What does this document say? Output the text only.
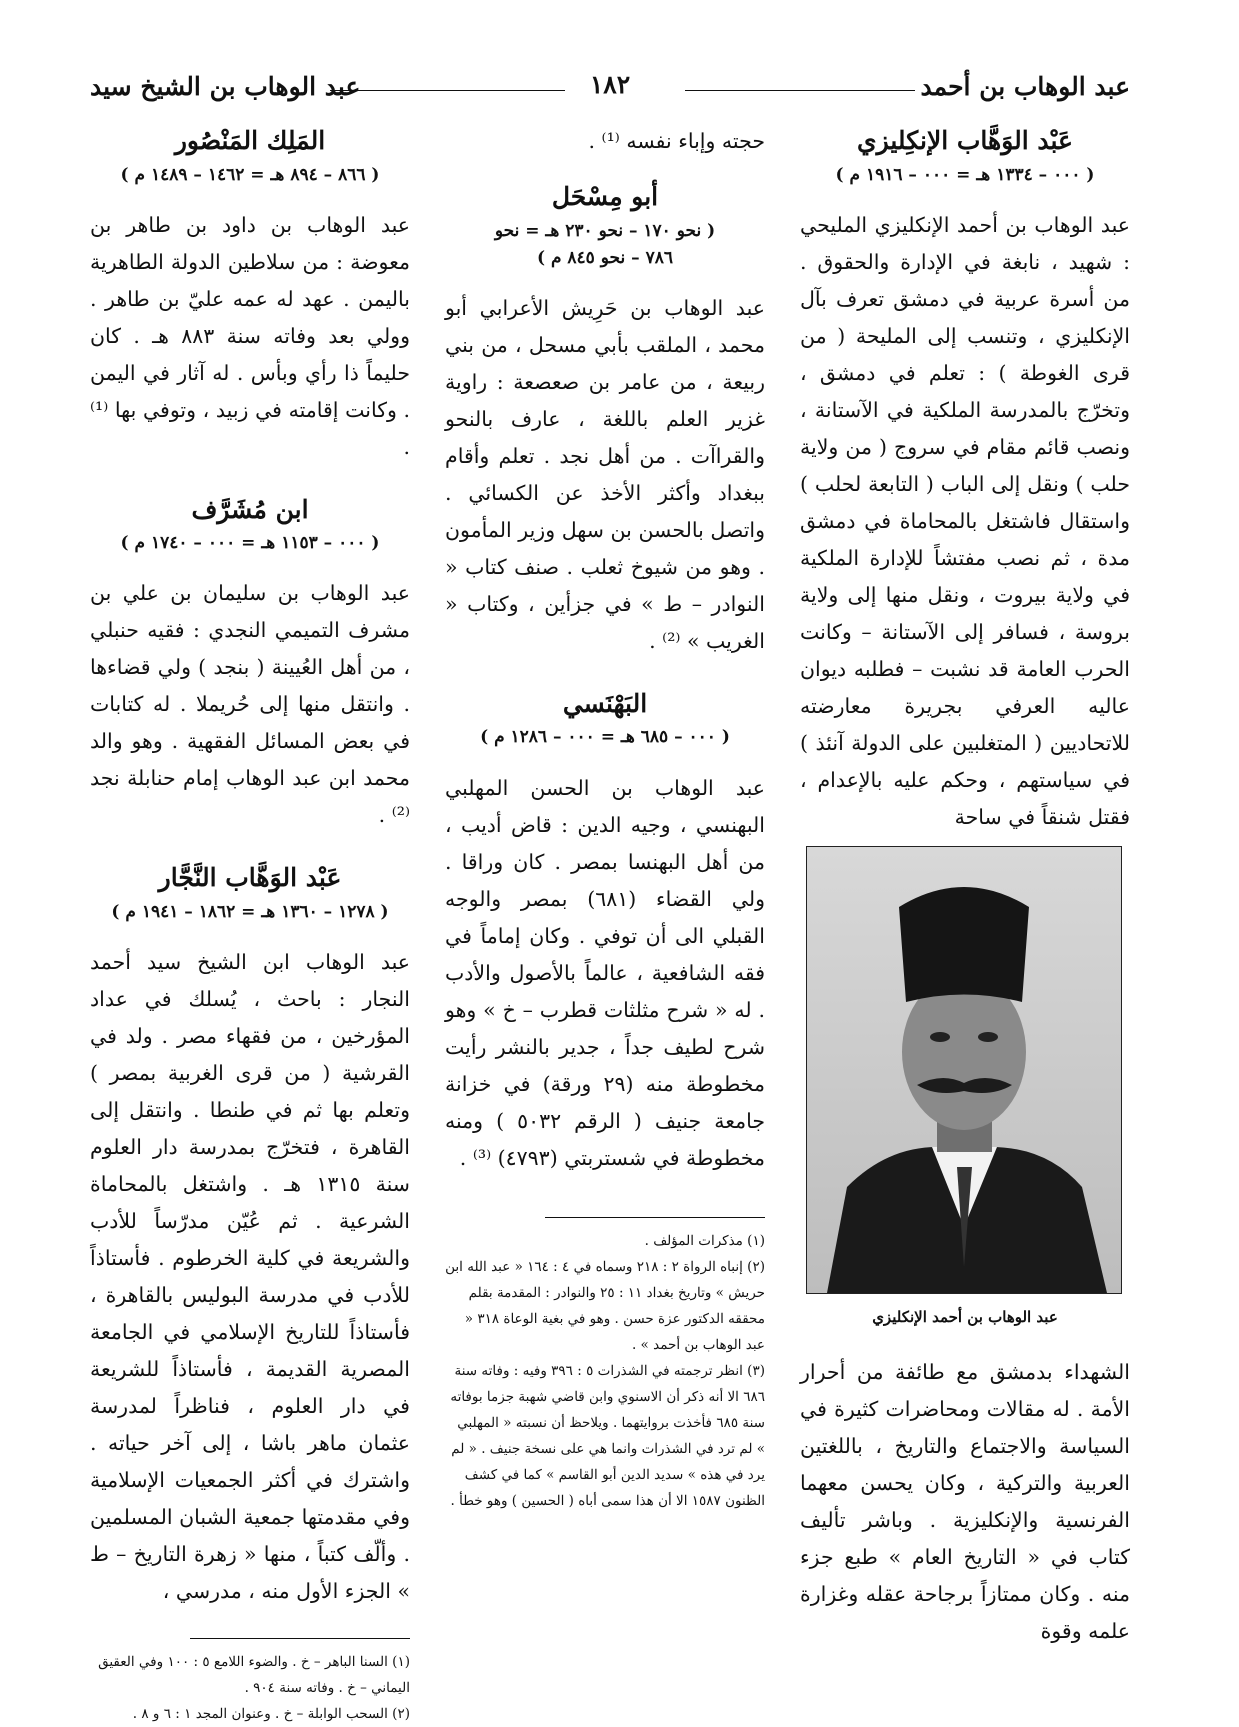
عبد الوهاب بن أحمد
١٨٢
عبد الوهاب بن الشيخ سيد
عَبْد الوَهَّاب الإنكِليزي

( ٠٠٠ – ١٣٣٤ هـ = ٠٠٠ – ١٩١٦ م )

عبد الوهاب بن أحمد الإنكليزي المليحي : شهيد ، نابغة في الإدارة والحقوق . من أسرة عربية في دمشق تعرف بآل الإنكليزي ، وتنسب إلى المليحة ( من قرى الغوطة ) : تعلم في دمشق ، وتخرّج بالمدرسة الملكية في الآستانة ، ونصب قائم مقام في سروج ( من ولاية حلب ) ونقل إلى الباب ( التابعة لحلب ) واستقال فاشتغل بالمحاماة في دمشق مدة ، ثم نصب مفتشاً للإدارة الملكية في ولاية بيروت ، ونقل منها إلى ولاية بروسة ، فسافر إلى الآستانة – وكانت الحرب العامة قد نشبت – فطلبه ديوان عاليه العرفي بجريرة معارضته للاتحاديين ( المتغلبين على الدولة آنئذ ) في سياستهم ، وحكم عليه بالإعدام ، فقتل شنقاً في ساحة

عبد الوهاب بن أحمد الإنكليزي

الشهداء بدمشق مع طائفة من أحرار الأمة . له مقالات ومحاضرات كثيرة في السياسة والاجتماع والتاريخ ، باللغتين العربية والتركية ، وكان يحسن معهما الفرنسية والإنكليزية . وباشر تأليف كتاب في « التاريخ العام » طبع جزء منه . وكان ممتازاً برجاحة عقله وغزارة علمه وقوة

حجته وإباء نفسه ⁽¹⁾ .

أبو مِسْحَل

( نحو ١٧٠ – نحو ٢٣٠ هـ = نحو

٧٨٦ – نحو ٨٤٥ م )

عبد الوهاب بن حَرِيش الأعرابي أبو محمد ، الملقب بأبي مسحل ، من بني ربيعة ، من عامر بن صعصعة : راوية غزير العلم باللغة ، عارف بالنحو والقراآت . من أهل نجد . تعلم وأقام ببغداد وأكثر الأخذ عن الكسائي . واتصل بالحسن بن سهل وزير المأمون . وهو من شيوخ ثعلب . صنف كتاب « النوادر – ط » في جزأين ، وكتاب « الغريب » ⁽²⁾ .

البَهْنَسي

( ٠٠٠ – ٦٨٥ هـ = ٠٠٠ – ١٢٨٦ م )

عبد الوهاب بن الحسن المهلبي البهنسي ، وجيه الدين : قاض أديب ، من أهل البهنسا بمصر . كان وراقا . ولي القضاء (٦٨١) بمصر والوجه القبلي الى أن توفي . وكان إماماً في فقه الشافعية ، عالماً بالأصول والأدب . له « شرح مثلثات قطرب – خ » وهو شرح لطيف جداً ، جدير بالنشر رأيت مخطوطة منه (٢٩ ورقة) في خزانة جامعة جنيف ( الرقم ٥٠٣٢ ) ومنه مخطوطة في شستربتي (٤٧٩٣) ⁽³⁾ .

(١) مذكرات المؤلف .

(٢) إنباه الرواة ٢ : ٢١٨ وسماه في ٤ : ١٦٤ « عبد الله ابن حريش » وتاريخ بغداد ١١ : ٢٥ والنوادر : المقدمة بقلم محققه الدكتور عزة حسن . وهو في بغية الوعاة ٣١٨ « عبد الوهاب بن أحمد » .

(٣) انظر ترجمته في الشذرات ٥ : ٣٩٦ وفيه : وفاته سنة ٦٨٦ الا أنه ذكر أن الاسنوي وابن قاضي شهبة جزما بوفاته سنة ٦٨٥ فأخذت بروايتهما . ويلاحظ أن نسبته « المهلبي » لم ترد في الشذرات وانما هي على نسخة جنيف . « لم يرد في هذه » سديد الدين أبو القاسم » كما في كشف الظنون ١٥٨٧ الا أن هذا سمى أباه ( الحسين ) وهو خطأ .

المَلِك المَنْصُور

( ٨٦٦ – ٨٩٤ هـ = ١٤٦٢ – ١٤٨٩ م )

عبد الوهاب بن داود بن طاهر بن معوضة : من سلاطين الدولة الطاهرية باليمن . عهد له عمه عليّ بن طاهر . وولي بعد وفاته سنة ٨٨٣ هـ . كان حليماً ذا رأي وبأس . له آثار في اليمن . وكانت إقامته في زبيد ، وتوفي بها ⁽¹⁾ .

ابن مُشَرَّف

( ٠٠٠ – ١١٥٣ هـ = ٠٠٠ – ١٧٤٠ م )

عبد الوهاب بن سليمان بن علي بن مشرف التميمي النجدي : فقيه حنبلي ، من أهل العُيينة ( بنجد ) ولي قضاءها . وانتقل منها إلى حُريملا . له كتابات في بعض المسائل الفقهية . وهو والد محمد ابن عبد الوهاب إمام حنابلة نجد ⁽²⁾ .

عَبْد الوَهَّاب النَّجَّار

( ١٢٧٨ – ١٣٦٠ هـ = ١٨٦٢ – ١٩٤١ م )

عبد الوهاب ابن الشيخ سيد أحمد النجار : باحث ، يُسلك في عداد المؤرخين ، من فقهاء مصر . ولد في القرشية ( من قرى الغربية بمصر ) وتعلم بها ثم في طنطا . وانتقل إلى القاهرة ، فتخرّج بمدرسة دار العلوم سنة ١٣١٥ هـ . واشتغل بالمحاماة الشرعية . ثم عُيّن مدرّساً للأدب والشريعة في كلية الخرطوم . فأستاذاً للأدب في مدرسة البوليس بالقاهرة ، فأستاذاً للتاريخ الإسلامي في الجامعة المصرية القديمة ، فأستاذاً للشريعة في دار العلوم ، فناظراً لمدرسة عثمان ماهر باشا ، إلى آخر حياته . واشترك في أكثر الجمعيات الإسلامية وفي مقدمتها جمعية الشبان المسلمين . وألّف كتباً ، منها « زهرة التاريخ – ط » الجزء الأول منه ، مدرسي ،

(١) السنا الباهر – خ . والضوء اللامع ٥ : ١٠٠ وفي العقيق اليماني – خ . وفاته سنة ٩٠٤ .

(٢) السحب الوابلة – خ . وعنوان المجد ١ : ٦ و ٨ .
